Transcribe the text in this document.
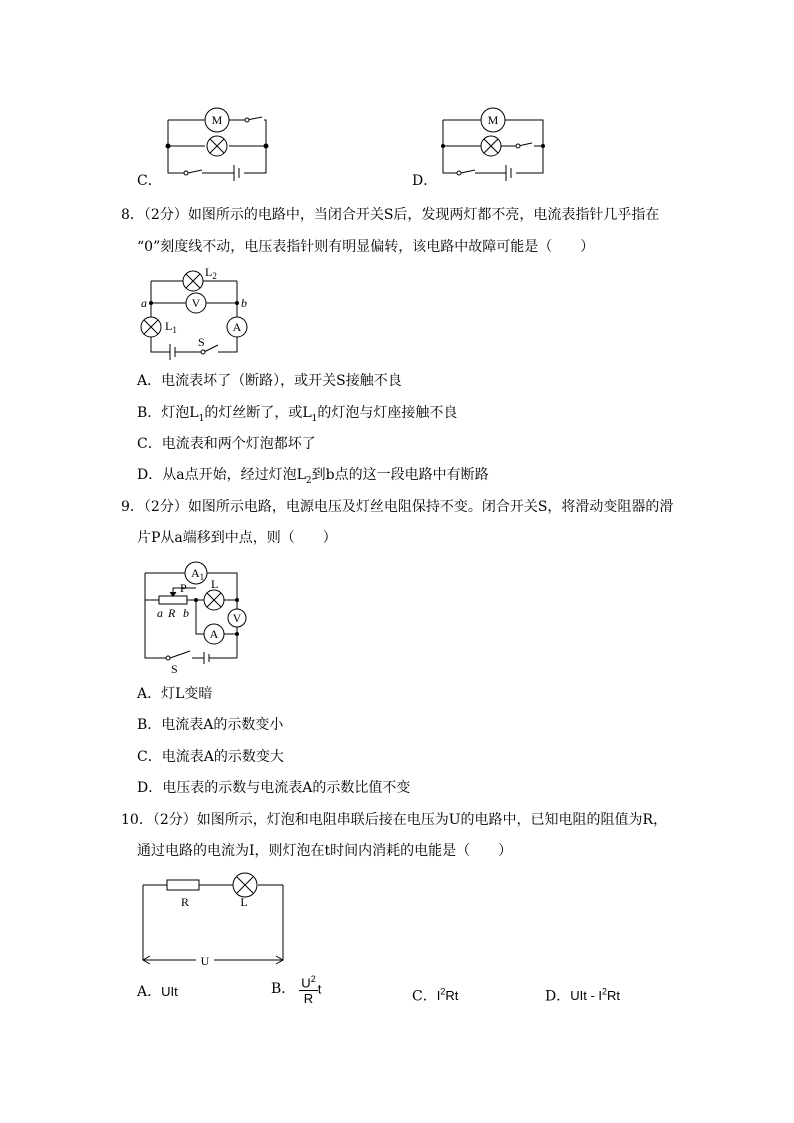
M	M
C．	D．
8．（2分）如图所示的电路中，当闭合开关S后，发现两灯都不亮，电流表指针几乎指在
“0”刻度线不动，电压表指针则有明显偏转，该电路中故障可能是（　　）
V
A
$L_2$
$L_1$
a	b
S
A．电流表坏了（断路），或开关S接触不良
B．灯泡$L_1$的灯丝断了，或$L_1$的灯泡与灯座接触不良
C．电流表和两个灯泡都坏了
D．从a点开始，经过灯泡$L_2$到b点的这一段电路中有断路
9．（2分）如图所示电路，电源电压及灯丝电阻保持不变。闭合开关S，将滑动变阻器的滑
片P从a端移到中点，则（　　）
$A_1$
P L
a R b	V
A
S
A．灯L变暗
B．电流表A的示数变小
C．电流表A的示数变大
D．电压表的示数与电流表A的示数比值不变
10．（2分）如图所示，灯泡和电阻串联后接在电压为U的电路中，已知电阻的阻值为R，
通过电路的电流为I，则灯泡在t时间内消耗的电能是（　　）
R	L
U
A．UIt	B． $\frac{U^2}{R}$ t	C．$I^2Rt$	D．UIt - $I^2Rt$
